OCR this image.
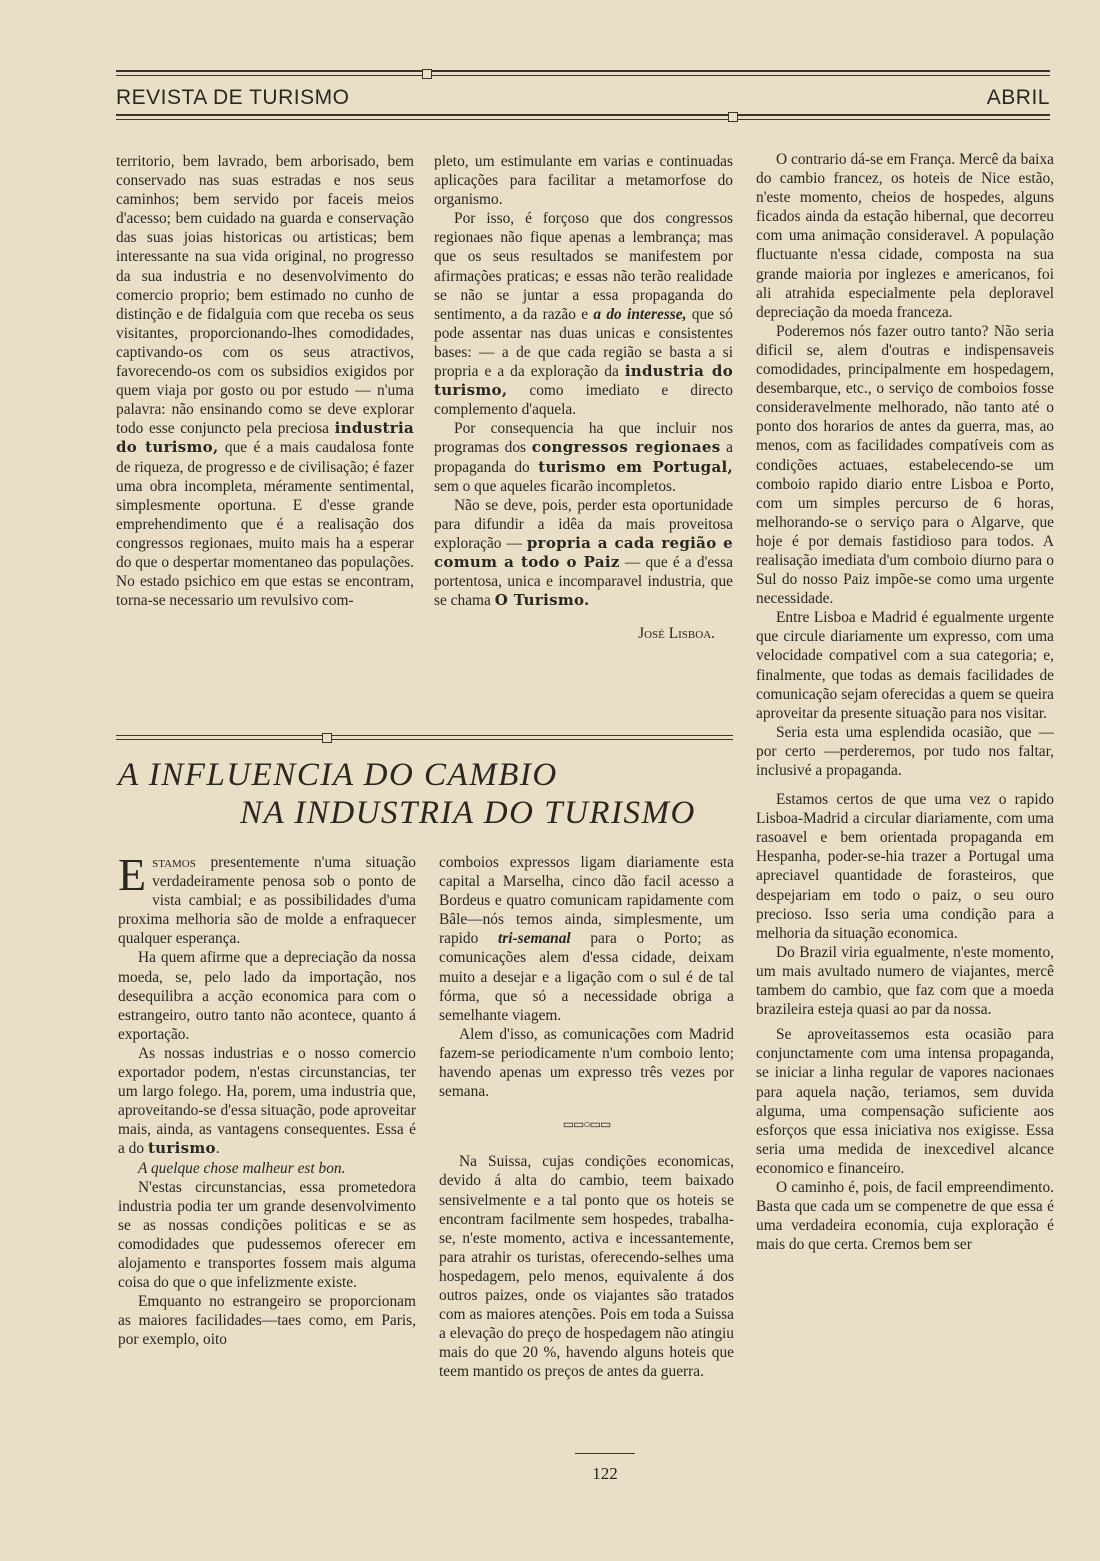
REVISTA DE TURISMO	ABRIL

territorio, bem lavrado, bem arborisado, bem conservado nas suas estradas e nos seus caminhos; bem servido por faceis meios d'acesso; bem cuidado na guarda e conservação das suas joias historicas ou artisticas; bem interessante na sua vida original, no progresso da sua industria e no desenvolvimento do comercio proprio; bem estimado no cunho de distinção e de fidalguia com que receba os seus visitantes, proporcionando-lhes comodidades, captivando-os com os seus atractivos, favorecendo-os com os subsidios exigidos por quem viaja por gosto ou por estudo — n'uma palavra: não ensinando como se deve explorar todo esse conjuncto pela preciosa industria do turismo, que é a mais caudalosa fonte de riqueza, de progresso e de civilisação; é fazer uma obra incompleta, méramente sentimental, simplesmente oportuna. E d'esse grande emprehendimento que é a realisação dos congressos regionaes, muito mais ha a esperar do que o despertar momentaneo das populações. No estado psichico em que estas se encontram, torna-se necessario um revulsivo com-

pleto, um estimulante em varias e continuadas aplicações para facilitar a metamorfose do organismo.

Por isso, é forçoso que dos congressos regionaes não fique apenas a lembrança; mas que os seus resultados se manifestem por afirmações praticas; e essas não terão realidade se não se juntar a essa propaganda do sentimento, a da razão e a do interesse, que só pode assentar nas duas unicas e consistentes bases: — a de que cada região se basta a si propria e a da exploração da industria do turismo, como imediato e directo complemento d'aquela.

Por consequencia ha que incluir nos programas dos congressos regionaes a propaganda do turismo em Portugal, sem o que aqueles ficarão incompletos.

Não se deve, pois, perder esta oportunidade para difundir a idêa da mais proveitosa exploração — propria a cada região e comum a todo o Paiz — que é a d'essa portentosa, unica e incomparavel industria, que se chama O Turismo.

José Lisboa.
A INFLUENCIA DO CAMBIO
NA INDUSTRIA DO TURISMO

Estamos presentemente n'uma situação verdadeiramente penosa sob o ponto de vista cambial; e as possibilidades d'uma proxima melhoria são de molde a enfraquecer qualquer esperança.

Ha quem afirme que a depreciação da nossa moeda, se, pelo lado da importação, nos desequilibra a acção economica para com o estrangeiro, outro tanto não acontece, quanto á exportação.

As nossas industrias e o nosso comercio exportador podem, n'estas circunstancias, ter um largo folego. Ha, porem, uma industria que, aproveitando-se d'essa situação, pode aproveitar mais, ainda, as vantagens consequentes. Essa é a do turismo.

A quelque chose malheur est bon.

N'estas circunstancias, essa prometedora industria podia ter um grande desenvolvimento se as nossas condições politicas e se as comodidades que pudessemos oferecer em alojamento e transportes fossem mais alguma coisa do que o que infelizmente existe.

Emquanto no estrangeiro se proporcionam as maiores facilidades—taes como, em Paris, por exemplo, oito

comboios expressos ligam diariamente esta capital a Marselha, cinco dão facil acesso a Bordeus e quatro comunicam rapidamente com Bâle—nós temos ainda, simplesmente, um rapido tri-semanal para o Porto; as comunicações alem d'essa cidade, deixam muito a desejar e a ligação com o sul é de tal fórma, que só a necessidade obriga a semelhante viagem.

Alem d'isso, as comunicações com Madrid fazem-se periodicamente n'um comboio lento; havendo apenas um expresso três vezes por semana.

▭▭○▭▭

Na Suissa, cujas condições economicas, devido á alta do cambio, teem baixado sensivelmente e a tal ponto que os hoteis se encontram facilmente sem hospedes, trabalha-se, n'este momento, activa e incessantemente, para atrahir os turistas, oferecendo-selhes uma hospedagem, pelo menos, equivalente á dos outros paizes, onde os viajantes são tratados com as maiores atenções. Pois em toda a Suissa a elevação do preço de hospedagem não atingiu mais do que 20 %, havendo alguns hoteis que teem mantido os preços de antes da guerra.

O contrario dá-se em França. Mercê da baixa do cambio francez, os hoteis de Nice estão, n'este momento, cheios de hospedes, alguns ficados ainda da estação hibernal, que decorreu com uma animação consideravel. A população fluctuante n'essa cidade, composta na sua grande maioria por inglezes e americanos, foi ali atrahida especialmente pela deploravel depreciação da moeda franceza.

Poderemos nós fazer outro tanto? Não seria dificil se, alem d'outras e indispensaveis comodidades, principalmente em hospedagem, desembarque, etc., o serviço de comboios fosse consideravelmente melhorado, não tanto até o ponto dos horarios de antes da guerra, mas, ao menos, com as facilidades compatíveis com as condições actuaes, estabelecendo-se um comboio rapido diario entre Lisboa e Porto, com um simples percurso de 6 horas, melhorando-se o serviço para o Algarve, que hoje é por demais fastidioso para todos. A realisação imediata d'um comboio diurno para o Sul do nosso Paiz impõe-se como uma urgente necessidade.

Entre Lisboa e Madrid é egualmente urgente que circule diariamente um expresso, com uma velocidade compativel com a sua categoria; e, finalmente, que todas as demais facilidades de comunicação sejam oferecidas a quem se queira aproveitar da presente situação para nos visitar.

Seria esta uma esplendida ocasião, que — por certo —perderemos, por tudo nos faltar, inclusivé a propaganda.

Estamos certos de que uma vez o rapido Lisboa-Madrid a circular diariamente, com uma rasoavel e bem orientada propaganda em Hespanha, poder-se-hia trazer a Portugal uma apreciavel quantidade de forasteiros, que despejariam em todo o paiz, o seu ouro precioso. Isso seria uma condição para a melhoria da situação economica.

Do Brazil viria egualmente, n'este momento, um mais avultado numero de viajantes, mercê tambem do cambio, que faz com que a moeda brazileira esteja quasi ao par da nossa.

Se aproveitassemos esta ocasião para conjunctamente com uma intensa propaganda, se iniciar a linha regular de vapores nacionaes para aquela nação, teriamos, sem duvida alguma, uma compensação suficiente aos esforços que essa iniciativa nos exigisse. Essa seria uma medida de inexcedivel alcance economico e financeiro.

O caminho é, pois, de facil empreendimento. Basta que cada um se compenetre de que essa é uma verdadeira economia, cuja exploração é mais do que certa. Cremos bem ser

122
